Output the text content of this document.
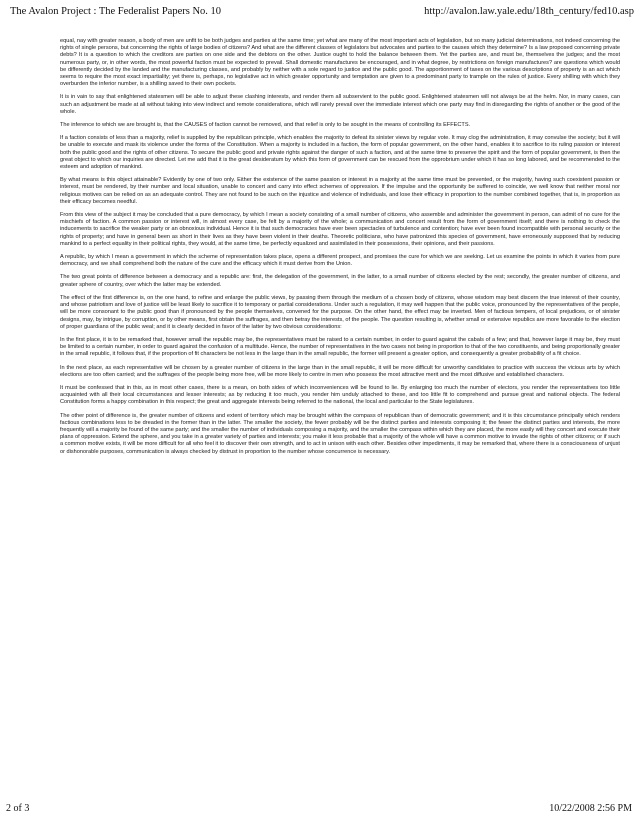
The Avalon Project : The Federalist Papers No. 10	http://avalon.law.yale.edu/18th_century/fed10.asp

equal, nay with greater reason, a body of men are unfit to be both judges and parties at the same time; yet what are many of the most important acts of legislation, but so many judicial determinations, not indeed concerning the rights of single persons, but concerning the rights of large bodies of citizens? And what are the different classes of legislators but advocates and parties to the causes which they determine? Is a law proposed concerning private debts? It is a question to which the creditors are parties on one side and the debtors on the other. Justice ought to hold the balance between them. Yet the parties are, and must be, themselves the judges; and the most numerous party, or, in other words, the most powerful faction must be expected to prevail. Shall domestic manufactures be encouraged, and in what degree, by restrictions on foreign manufactures? are questions which would be differently decided by the landed and the manufacturing classes, and probably by neither with a sole regard to justice and the public good. The apportionment of taxes on the various descriptions of property is an act which seems to require the most exact impartiality; yet there is, perhaps, no legislative act in which greater opportunity and temptation are given to a predominant party to trample on the rules of justice. Every shilling with which they overburden the inferior number, is a shilling saved to their own pockets.

It is in vain to say that enlightened statesmen will be able to adjust these clashing interests, and render them all subservient to the public good. Enlightened statesmen will not always be at the helm. Nor, in many cases, can such an adjustment be made at all without taking into view indirect and remote considerations, which will rarely prevail over the immediate interest which one party may find in disregarding the rights of another or the good of the whole.

The inference to which we are brought is, that the CAUSES of faction cannot be removed, and that relief is only to be sought in the means of controlling its EFFECTS.

If a faction consists of less than a majority, relief is supplied by the republican principle, which enables the majority to defeat its sinister views by regular vote. It may clog the administration, it may convulse the society; but it will be unable to execute and mask its violence under the forms of the Constitution. When a majority is included in a faction, the form of popular government, on the other hand, enables it to sacrifice to its ruling passion or interest both the public good and the rights of other citizens. To secure the public good and private rights against the danger of such a faction, and at the same time to preserve the spirit and the form of popular government, is then the great object to which our inquiries are directed. Let me add that it is the great desideratum by which this form of government can be rescued from the opprobrium under which it has so long labored, and be recommended to the esteem and adoption of mankind.

By what means is this object attainable? Evidently by one of two only. Either the existence of the same passion or interest in a majority at the same time must be prevented, or the majority, having such coexistent passion or interest, must be rendered, by their number and local situation, unable to concert and carry into effect schemes of oppression. If the impulse and the opportunity be suffered to coincide, we well know that neither moral nor religious motives can be relied on as an adequate control. They are not found to be such on the injustice and violence of individuals, and lose their efficacy in proportion to the number combined together, that is, in proportion as their efficacy becomes needful.

From this view of the subject it may be concluded that a pure democracy, by which I mean a society consisting of a small number of citizens, who assemble and administer the government in person, can admit of no cure for the mischiefs of faction. A common passion or interest will, in almost every case, be felt by a majority of the whole; a communication and concert result from the form of government itself; and there is nothing to check the inducements to sacrifice the weaker party or an obnoxious individual. Hence it is that such democracies have ever been spectacles of turbulence and contention; have ever been found incompatible with personal security or the rights of property; and have in general been as short in their lives as they have been violent in their deaths. Theoretic politicians, who have patronized this species of government, have erroneously supposed that by reducing mankind to a perfect equality in their political rights, they would, at the same time, be perfectly equalized and assimilated in their possessions, their opinions, and their passions.

A republic, by which I mean a government in which the scheme of representation takes place, opens a different prospect, and promises the cure for which we are seeking. Let us examine the points in which it varies from pure democracy, and we shall comprehend both the nature of the cure and the efficacy which it must derive from the Union.

The two great points of difference between a democracy and a republic are: first, the delegation of the government, in the latter, to a small number of citizens elected by the rest; secondly, the greater number of citizens, and greater sphere of country, over which the latter may be extended.

The effect of the first difference is, on the one hand, to refine and enlarge the public views, by passing them through the medium of a chosen body of citizens, whose wisdom may best discern the true interest of their country, and whose patriotism and love of justice will be least likely to sacrifice it to temporary or partial considerations. Under such a regulation, it may well happen that the public voice, pronounced by the representatives of the people, will be more consonant to the public good than if pronounced by the people themselves, convened for the purpose. On the other hand, the effect may be inverted. Men of factious tempers, of local prejudices, or of sinister designs, may, by intrigue, by corruption, or by other means, first obtain the suffrages, and then betray the interests, of the people. The question resulting is, whether small or extensive republics are more favorable to the election of proper guardians of the public weal; and it is clearly decided in favor of the latter by two obvious considerations:

In the first place, it is to be remarked that, however small the republic may be, the representatives must be raised to a certain number, in order to guard against the cabals of a few; and that, however large it may be, they must be limited to a certain number, in order to guard against the confusion of a multitude. Hence, the number of representatives in the two cases not being in proportion to that of the two constituents, and being proportionally greater in the small republic, it follows that, if the proportion of fit characters be not less in the large than in the small republic, the former will present a greater option, and consequently a greater probability of a fit choice.

In the next place, as each representative will be chosen by a greater number of citizens in the large than in the small republic, it will be more difficult for unworthy candidates to practice with success the vicious arts by which elections are too often carried; and the suffrages of the people being more free, will be more likely to centre in men who possess the most attractive merit and the most diffusive and established characters.

It must be confessed that in this, as in most other cases, there is a mean, on both sides of which inconveniences will be found to lie. By enlarging too much the number of electors, you render the representatives too little acquainted with all their local circumstances and lesser interests; as by reducing it too much, you render him unduly attached to these, and too little fit to comprehend and pursue great and national objects. The federal Constitution forms a happy combination in this respect; the great and aggregate interests being referred to the national, the local and particular to the State legislatures.

The other point of difference is, the greater number of citizens and extent of territory which may be brought within the compass of republican than of democratic government; and it is this circumstance principally which renders factious combinations less to be dreaded in the former than in the latter. The smaller the society, the fewer probably will be the distinct parties and interests composing it; the fewer the distinct parties and interests, the more frequently will a majority be found of the same party; and the smaller the number of individuals composing a majority, and the smaller the compass within which they are placed, the more easily will they concert and execute their plans of oppression. Extend the sphere, and you take in a greater variety of parties and interests; you make it less probable that a majority of the whole will have a common motive to invade the rights of other citizens; or if such a common motive exists, it will be more difficult for all who feel it to discover their own strength, and to act in unison with each other. Besides other impediments, it may be remarked that, where there is a consciousness of unjust or dishonorable purposes, communication is always checked by distrust in proportion to the number whose concurrence is necessary.

2 of 3	10/22/2008 2:56 PM
